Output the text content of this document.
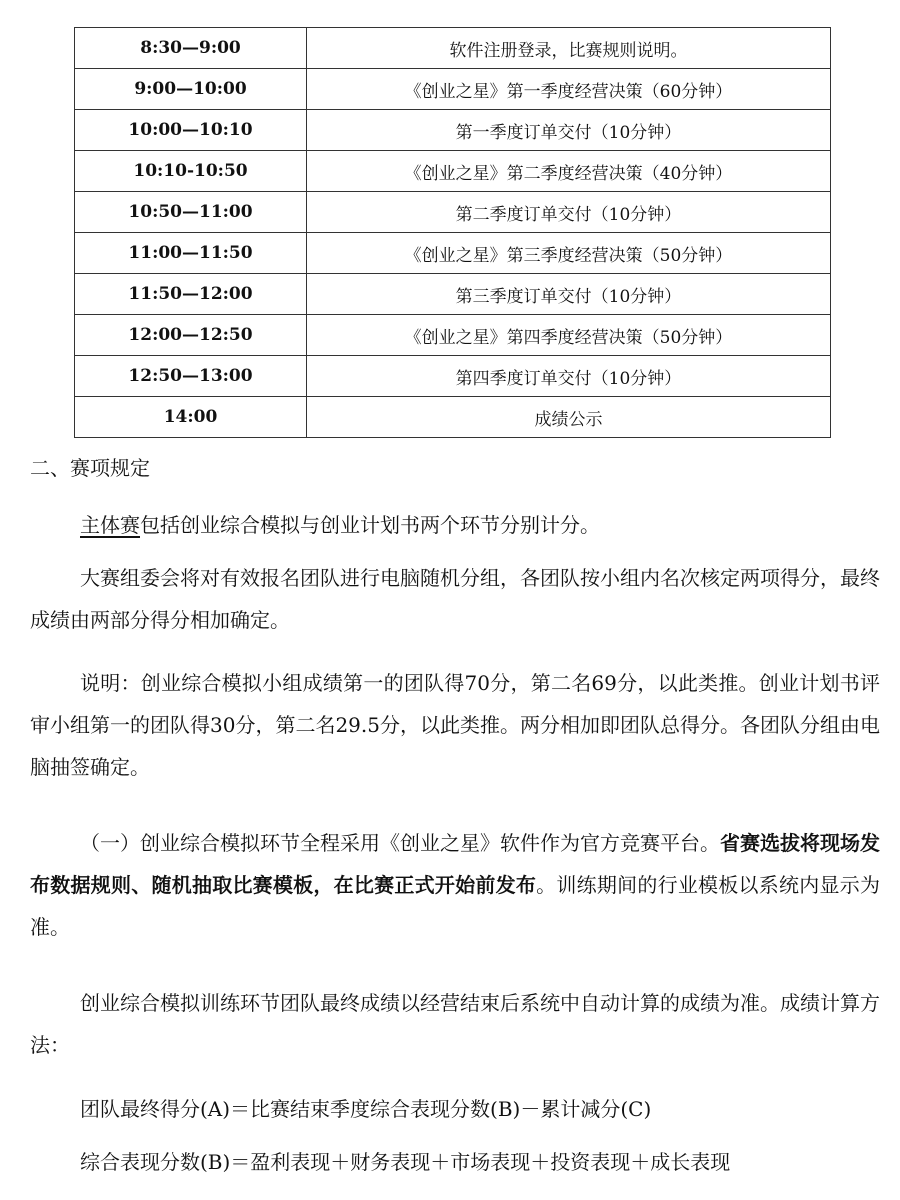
8:30—9:00	软件注册登录，比赛规则说明。
9:00—10:00	《创业之星》第一季度经营决策（60分钟）
10:00—10:10	第一季度订单交付（10分钟）
10:10-10:50	《创业之星》第二季度经营决策（40分钟）
10:50—11:00	第二季度订单交付（10分钟）
11:00—11:50	《创业之星》第三季度经营决策（50分钟）
11:50—12:00	第三季度订单交付（10分钟）
12:00—12:50	《创业之星》第四季度经营决策（50分钟）
12:50—13:00	第四季度订单交付（10分钟）
14:00	成绩公示

二、赛项规定

主体赛包括创业综合模拟与创业计划书两个环节分别计分。

大赛组委会将对有效报名团队进行电脑随机分组，各团队按小组内名次核定两项得分，最终成绩由两部分得分相加确定。

说明：创业综合模拟小组成绩第一的团队得70分，第二名69分，以此类推。创业计划书评审小组第一的团队得30分，第二名29.5分，以此类推。两分相加即团队总得分。各团队分组由电脑抽签确定。

（一）创业综合模拟环节全程采用《创业之星》软件作为官方竞赛平台。省赛选拔将现场发布数据规则、随机抽取比赛模板，在比赛正式开始前发布。训练期间的行业模板以系统内显示为准。

创业综合模拟训练环节团队最终成绩以经营结束后系统中自动计算的成绩为准。成绩计算方法：

团队最终得分(A)＝比赛结束季度综合表现分数(B)－累计减分(C)

综合表现分数(B)＝盈利表现＋财务表现＋市场表现＋投资表现＋成长表现
